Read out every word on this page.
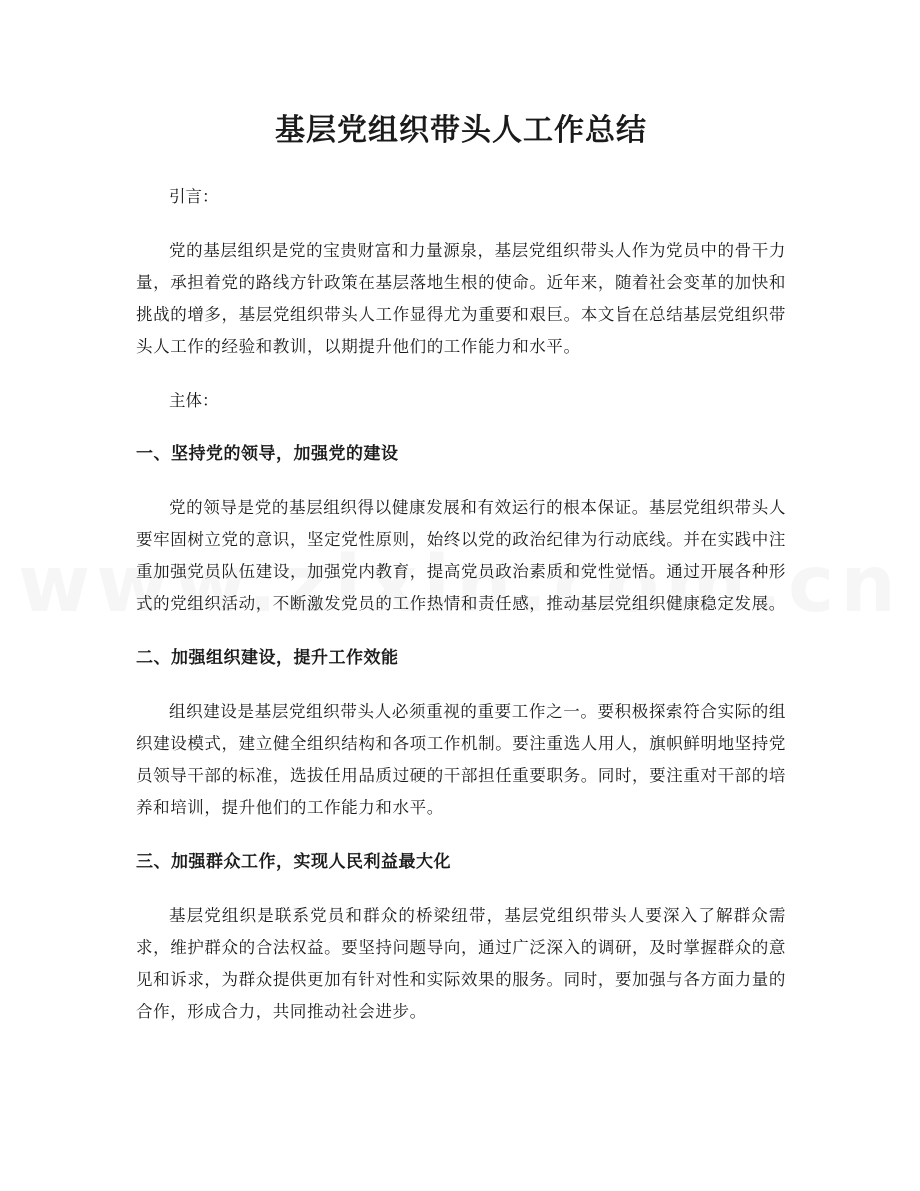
基层党组织带头人工作总结

引言：

党的基层组织是党的宝贵财富和力量源泉，基层党组织带头人作为党员中的骨干力量，承担着党的路线方针政策在基层落地生根的使命。近年来，随着社会变革的加快和挑战的增多，基层党组织带头人工作显得尤为重要和艰巨。本文旨在总结基层党组织带头人工作的经验和教训，以期提升他们的工作能力和水平。

主体：

一、坚持党的领导，加强党的建设

党的领导是党的基层组织得以健康发展和有效运行的根本保证。基层党组织带头人要牢固树立党的意识，坚定党性原则，始终以党的政治纪律为行动底线。并在实践中注重加强党员队伍建设，加强党内教育，提高党员政治素质和党性觉悟。通过开展各种形式的党组织活动，不断激发党员的工作热情和责任感，推动基层党组织健康稳定发展。

二、加强组织建设，提升工作效能

组织建设是基层党组织带头人必须重视的重要工作之一。要积极探索符合实际的组织建设模式，建立健全组织结构和各项工作机制。要注重选人用人，旗帜鲜明地坚持党员领导干部的标准，选拔任用品质过硬的干部担任重要职务。同时，要注重对干部的培养和培训，提升他们的工作能力和水平。

三、加强群众工作，实现人民利益最大化

基层党组织是联系党员和群众的桥梁纽带，基层党组织带头人要深入了解群众需求，维护群众的合法权益。要坚持问题导向，通过广泛深入的调研，及时掌握群众的意见和诉求，为群众提供更加有针对性和实际效果的服务。同时，要加强与各方面力量的合作，形成合力，共同推动社会进步。
